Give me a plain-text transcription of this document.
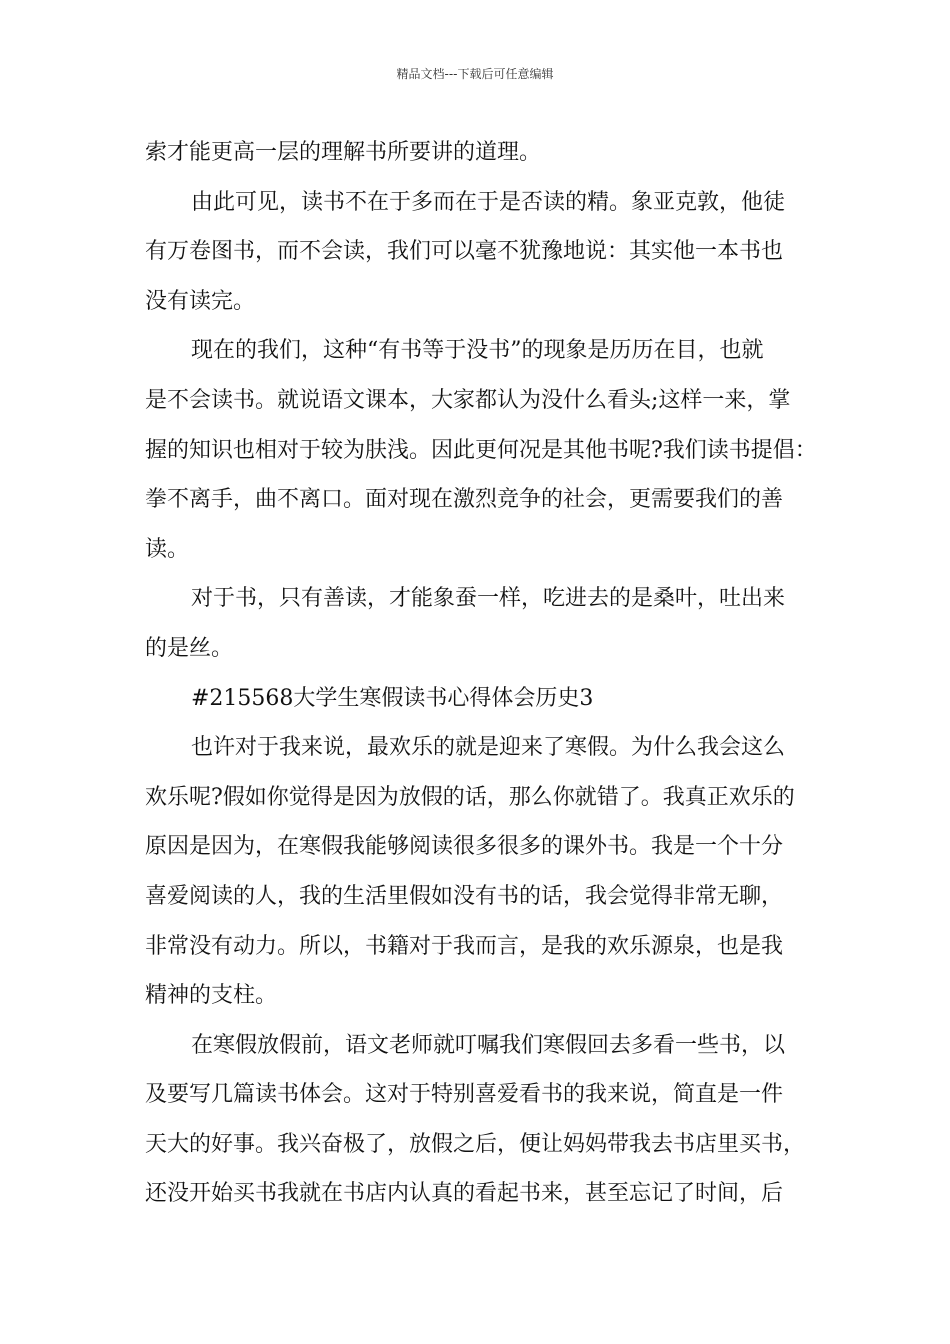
精品文档---下载后可任意编辑
索才能更高一层的理解书所要讲的道理。
由此可见，读书不在于多而在于是否读的精。象亚克敦，他徒
有万卷图书，而不会读，我们可以毫不犹豫地说：其实他一本书也
没有读完。
现在的我们，这种“有书等于没书”的现象是历历在目，也就
是不会读书。就说语文课本，大家都认为没什么看头;这样一来，掌
握的知识也相对于较为肤浅。因此更何况是其他书呢?我们读书提倡：
拳不离手，曲不离口。面对现在激烈竞争的社会，更需要我们的善
读。
对于书，只有善读，才能象蚕一样，吃进去的是桑叶，吐出来
的是丝。
#215568大学生寒假读书心得体会历史3
也许对于我来说，最欢乐的就是迎来了寒假。为什么我会这么
欢乐呢?假如你觉得是因为放假的话，那么你就错了。我真正欢乐的
原因是因为，在寒假我能够阅读很多很多的课外书。我是一个十分
喜爱阅读的人，我的生活里假如没有书的话，我会觉得非常无聊，
非常没有动力。所以，书籍对于我而言，是我的欢乐源泉，也是我
精神的支柱。
在寒假放假前，语文老师就叮嘱我们寒假回去多看一些书，以
及要写几篇读书体会。这对于特别喜爱看书的我来说，简直是一件
天大的好事。我兴奋极了，放假之后，便让妈妈带我去书店里买书，
还没开始买书我就在书店内认真的看起书来，甚至忘记了时间，后
